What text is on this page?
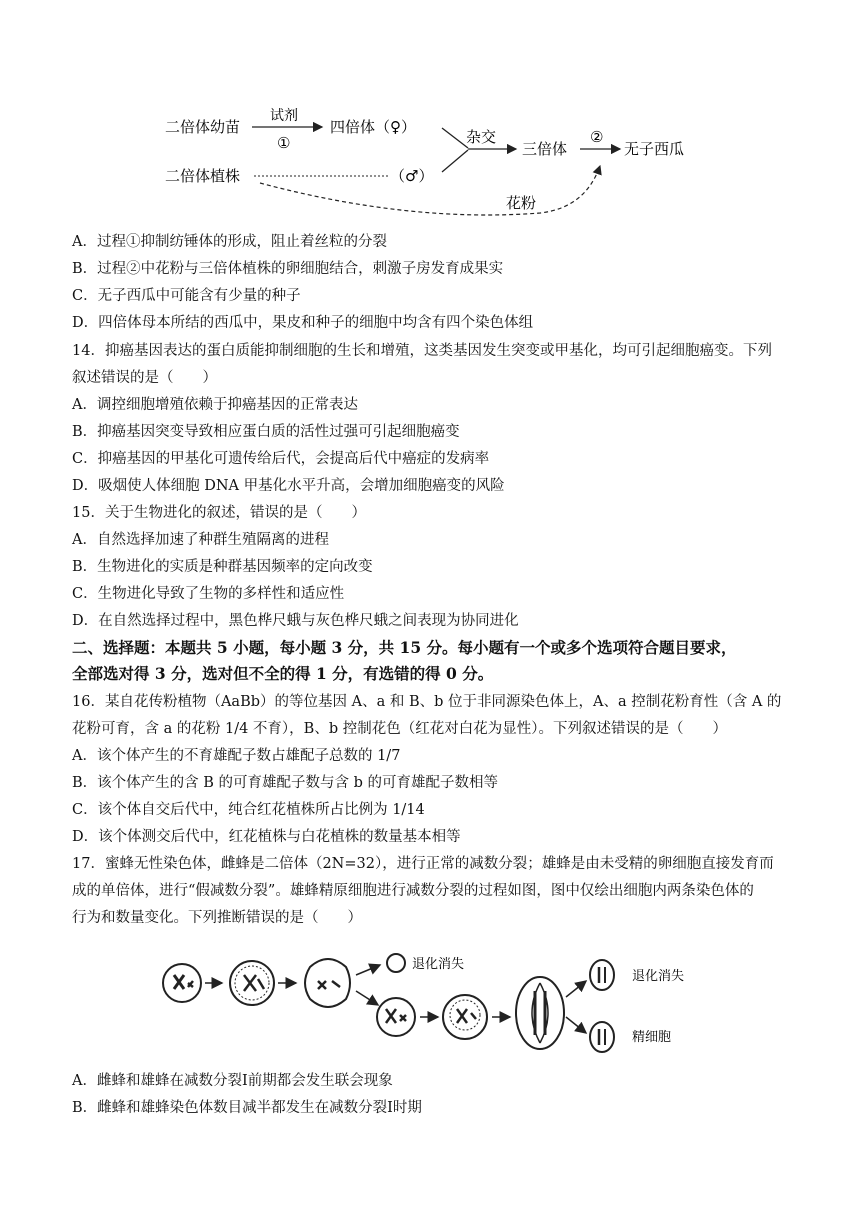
二倍体幼苗
试剂
①
四倍体（♀）
二倍体植株	（♂）
杂交
三倍体
②
无子西瓜
花粉
A．过程①抑制纺锤体的形成，阻止着丝粒的分裂
B．过程②中花粉与三倍体植株的卵细胞结合，刺激子房发育成果实
C．无子西瓜中可能含有少量的种子
D．四倍体母本所结的西瓜中，果皮和种子的细胞中均含有四个染色体组
14．抑癌基因表达的蛋白质能抑制细胞的生长和增殖，这类基因发生突变或甲基化，均可引起细胞癌变。下列
叙述错误的是（　　）
A．调控细胞增殖依赖于抑癌基因的正常表达
B．抑癌基因突变导致相应蛋白质的活性过强可引起细胞癌变
C．抑癌基因的甲基化可遗传给后代，会提高后代中癌症的发病率
D．吸烟使人体细胞 DNA 甲基化水平升高，会增加细胞癌变的风险
15．关于生物进化的叙述，错误的是（　　）
A．自然选择加速了种群生殖隔离的进程
B．生物进化的实质是种群基因频率的定向改变
C．生物进化导致了生物的多样性和适应性
D．在自然选择过程中，黑色桦尺蛾与灰色桦尺蛾之间表现为协同进化
二、选择题：本题共 5 小题，每小题 3 分，共 15 分。每小题有一个或多个选项符合题目要求，
全部选对得 3 分，选对但不全的得 1 分，有选错的得 0 分。
16．某自花传粉植物（AaBb）的等位基因 A、a 和 B、b 位于非同源染色体上，A、a 控制花粉育性（含 A 的
花粉可育，含 a 的花粉 1/4 不育），B、b 控制花色（红花对白花为显性）。下列叙述错误的是（　　）
A．该个体产生的不育雄配子数占雄配子总数的 1/7
B．该个体产生的含 B 的可育雄配子数与含 b 的可育雄配子数相等
C．该个体自交后代中，纯合红花植株所占比例为 1/14
D．该个体测交后代中，红花植株与白花植株的数量基本相等
17．蜜蜂无性染色体，雌蜂是二倍体（2N=32），进行正常的减数分裂；雄蜂是由未受精的卵细胞直接发育而
成的单倍体，进行“假减数分裂”。雄蜂精原细胞进行减数分裂的过程如图，图中仅绘出细胞内两条染色体的
行为和数量变化。下列推断错误的是（　　）
退化消失
退化消失
精细胞
A．雌蜂和雄蜂在减数分裂Ⅰ前期都会发生联会现象
B．雌蜂和雄蜂染色体数目减半都发生在减数分裂Ⅰ时期
